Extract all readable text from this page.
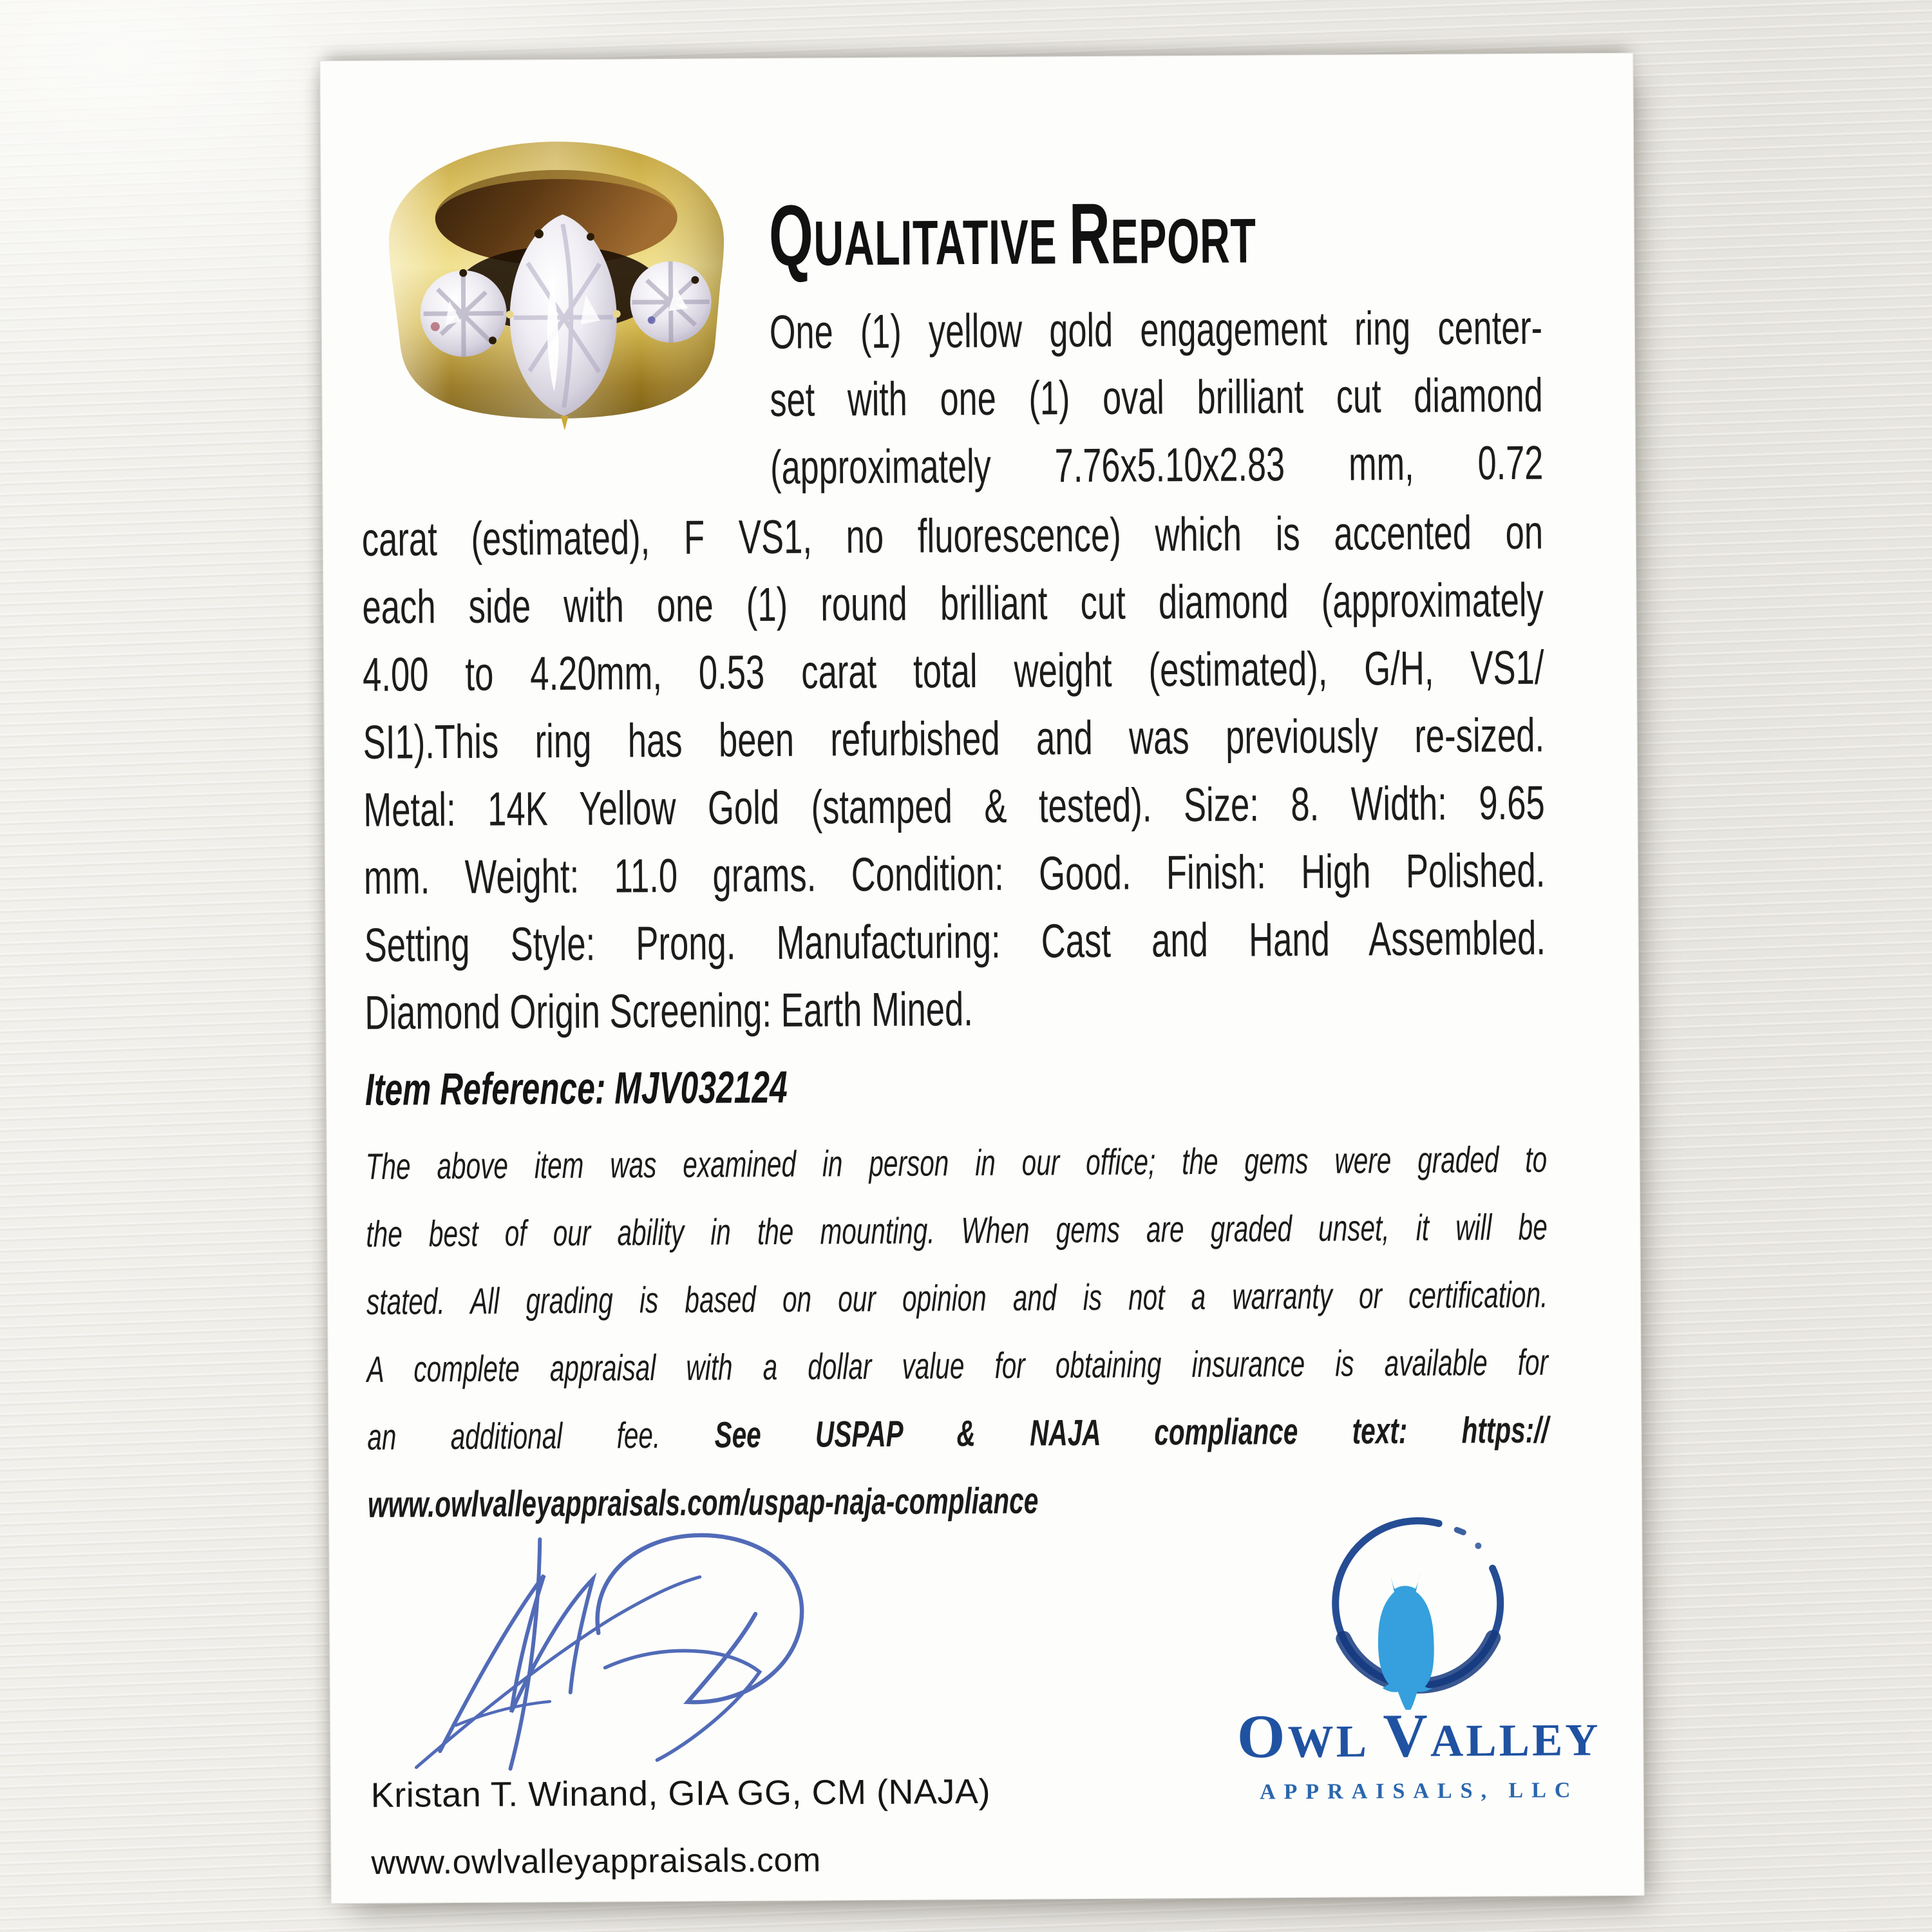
QUALITATIVE REPORT
One (1) yellow gold engagement ring center-
set with one (1) oval brilliant cut diamond
(approximately 7.76x5.10x2.83 mm, 0.72
carat (estimated), F VS1, no fluorescence) which is accented on
each side with one (1) round brilliant cut diamond (approximately
4.00 to 4.20mm, 0.53 carat total weight (estimated), G/H, VS1/
SI1).This ring has been refurbished and was previously re-sized.
Metal: 14K Yellow Gold (stamped & tested). Size: 8. Width: 9.65
mm. Weight: 11.0 grams. Condition: Good. Finish: High Polished.
Setting Style: Prong. Manufacturing: Cast and Hand Assembled.
Diamond Origin Screening: Earth Mined.
Item Reference: MJV032124
The above item was examined in person in our office; the gems were graded to
the best of our ability in the mounting. When gems are graded unset, it will be
stated. All grading is based on our opinion and is not a warranty or certification.
A complete appraisal with a dollar value for obtaining insurance is available for
an additional fee. See USPAP & NAJA compliance text: https://
www.owlvalleyappraisals.com/uspap-naja-compliance
Kristan T. Winand, GIA GG, CM (NAJA)
www.owlvalleyappraisals.com
OWL VALLEY
APPRAISALS, LLC
